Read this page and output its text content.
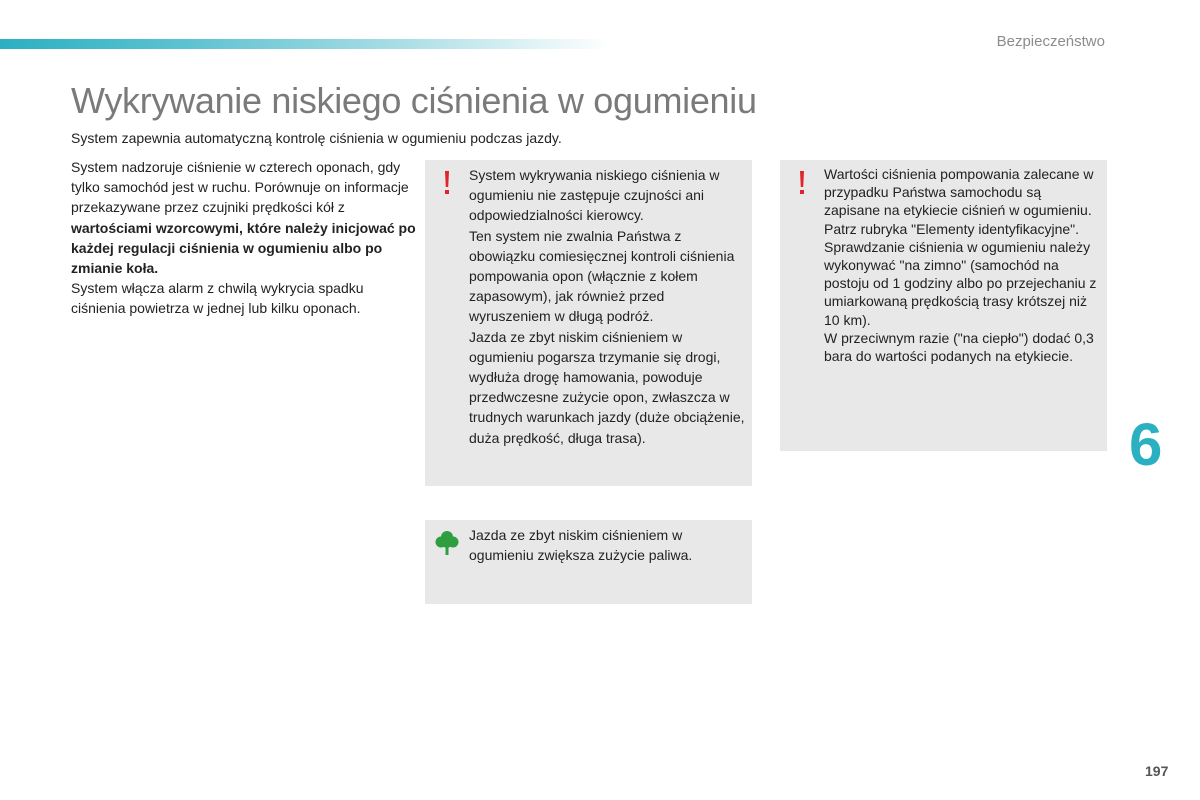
Bezpieczeństwo
Wykrywanie niskiego ciśnienia w ogumieniu
System zapewnia automatyczną kontrolę ciśnienia w ogumieniu podczas jazdy.

System nadzoruje ciśnienie w czterech oponach, gdy tylko samochód jest w ruchu. Porównuje on informacje przekazywane przez czujniki prędkości kół z wartościami wzorcowymi, które należy inicjować po każdej regulacji ciśnienia w ogumieniu albo po zmianie koła.

System włącza alarm z chwilą wykrycia spadku ciśnienia powietrza w jednej lub kilku oponach.

System wykrywania niskiego ciśnienia w ogumieniu nie zastępuje czujności ani odpowiedzialności kierowcy.

Ten system nie zwalnia Państwa z obowiązku comiesięcznej kontroli ciśnienia pompowania opon (włącznie z kołem zapasowym), jak również przed wyruszeniem w długą podróż.

Jazda ze zbyt niskim ciśnieniem w ogumieniu pogarsza trzymanie się drogi, wydłuża drogę hamowania, powoduje przedwczesne zużycie opon, zwłaszcza w trudnych warunkach jazdy (duże obciążenie, duża prędkość, długa trasa).

Wartości ciśnienia pompowania zalecane w przypadku Państwa samochodu są zapisane na etykiecie ciśnień w ogumieniu.

Patrz rubryka "Elementy identyfikacyjne".

Sprawdzanie ciśnienia w ogumieniu należy wykonywać "na zimno" (samochód na postoju od 1 godziny albo po przejechaniu z umiarkowaną prędkością trasy krótszej niż 10 km).

W przeciwnym razie ("na ciepło") dodać 0,3 bara do wartości podanych na etykiecie.

Jazda ze zbyt niskim ciśnieniem w ogumieniu zwiększa zużycie paliwa.

6
197
